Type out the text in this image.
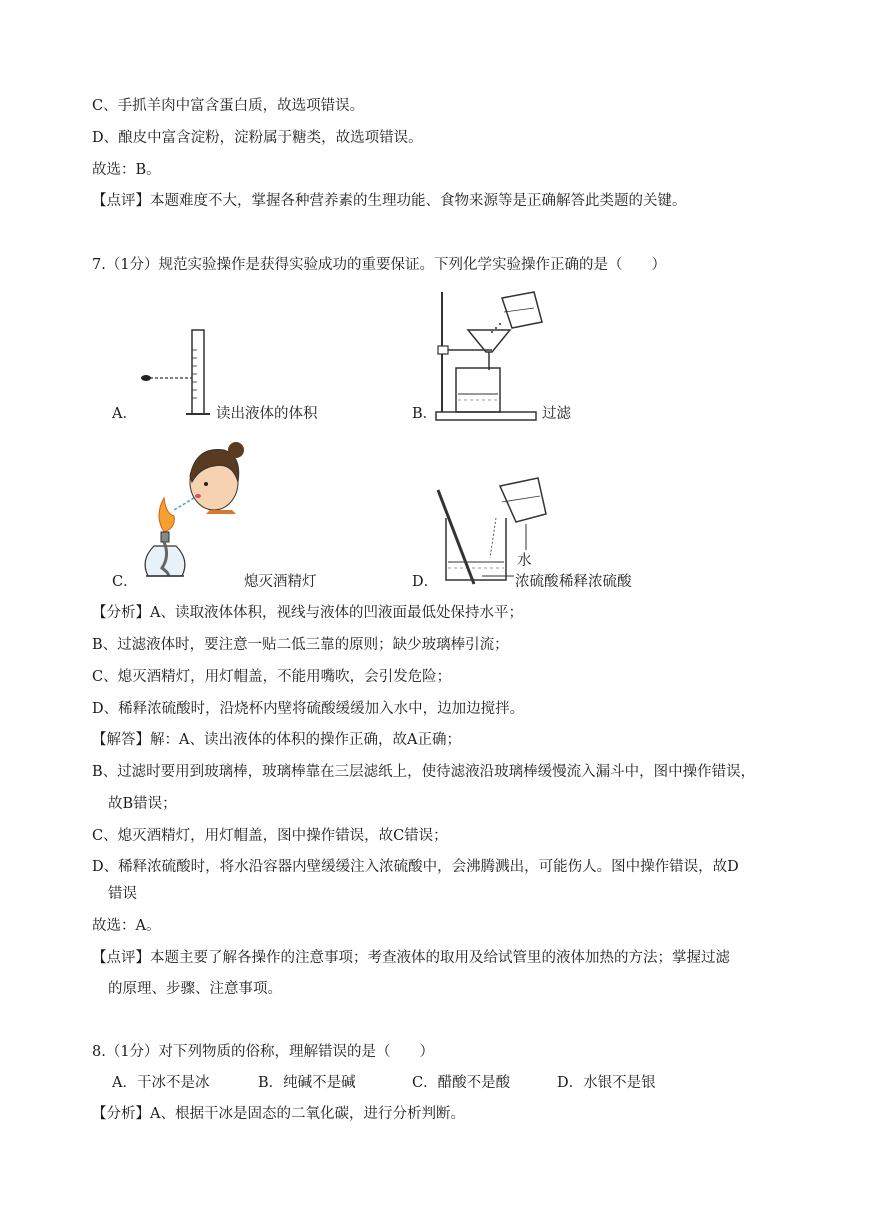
C、手抓羊肉中富含蛋白质，故选项错误。
D、酿皮中富含淀粉，淀粉属于糖类，故选项错误。
故选：B。
【点评】本题难度不大，掌握各种营养素的生理功能、食物来源等是正确解答此类题的关键。
7.（1分）规范实验操作是获得实验成功的重要保证。下列化学实验操作正确的是（　　）
A．	读出液体的体积	B．	过滤
C．	熄灭酒精灯
水
D．	浓硫酸 稀释浓硫酸
【分析】A、读取液体体积，视线与液体的凹液面最低处保持水平；
B、过滤液体时，要注意一贴二低三靠的原则；缺少玻璃棒引流；
C、熄灭酒精灯，用灯帽盖，不能用嘴吹，会引发危险；
D、稀释浓硫酸时，沿烧杯内壁将硫酸缓缓加入水中，边加边搅拌。
【解答】解：A、读出液体的体积的操作正确，故A正确；
B、过滤时要用到玻璃棒，玻璃棒靠在三层滤纸上，使待滤液沿玻璃棒缓慢流入漏斗中，图中操作错误，
故B错误；
C、熄灭酒精灯，用灯帽盖，图中操作错误，故C错误；
D、稀释浓硫酸时，将水沿容器内壁缓缓注入浓硫酸中，会沸腾溅出，可能伤人。图中操作错误，故D
错误
故选：A。
【点评】本题主要了解各操作的注意事项；考查液体的取用及给试管里的液体加热的方法；掌握过滤
的原理、步骤、注意事项。
8.（1分）对下列物质的俗称，理解错误的是（　　）
A．干冰不是冰	B．纯碱不是碱	C．醋酸不是酸	D．水银不是银
【分析】A、根据干冰是固态的二氧化碳，进行分析判断。
